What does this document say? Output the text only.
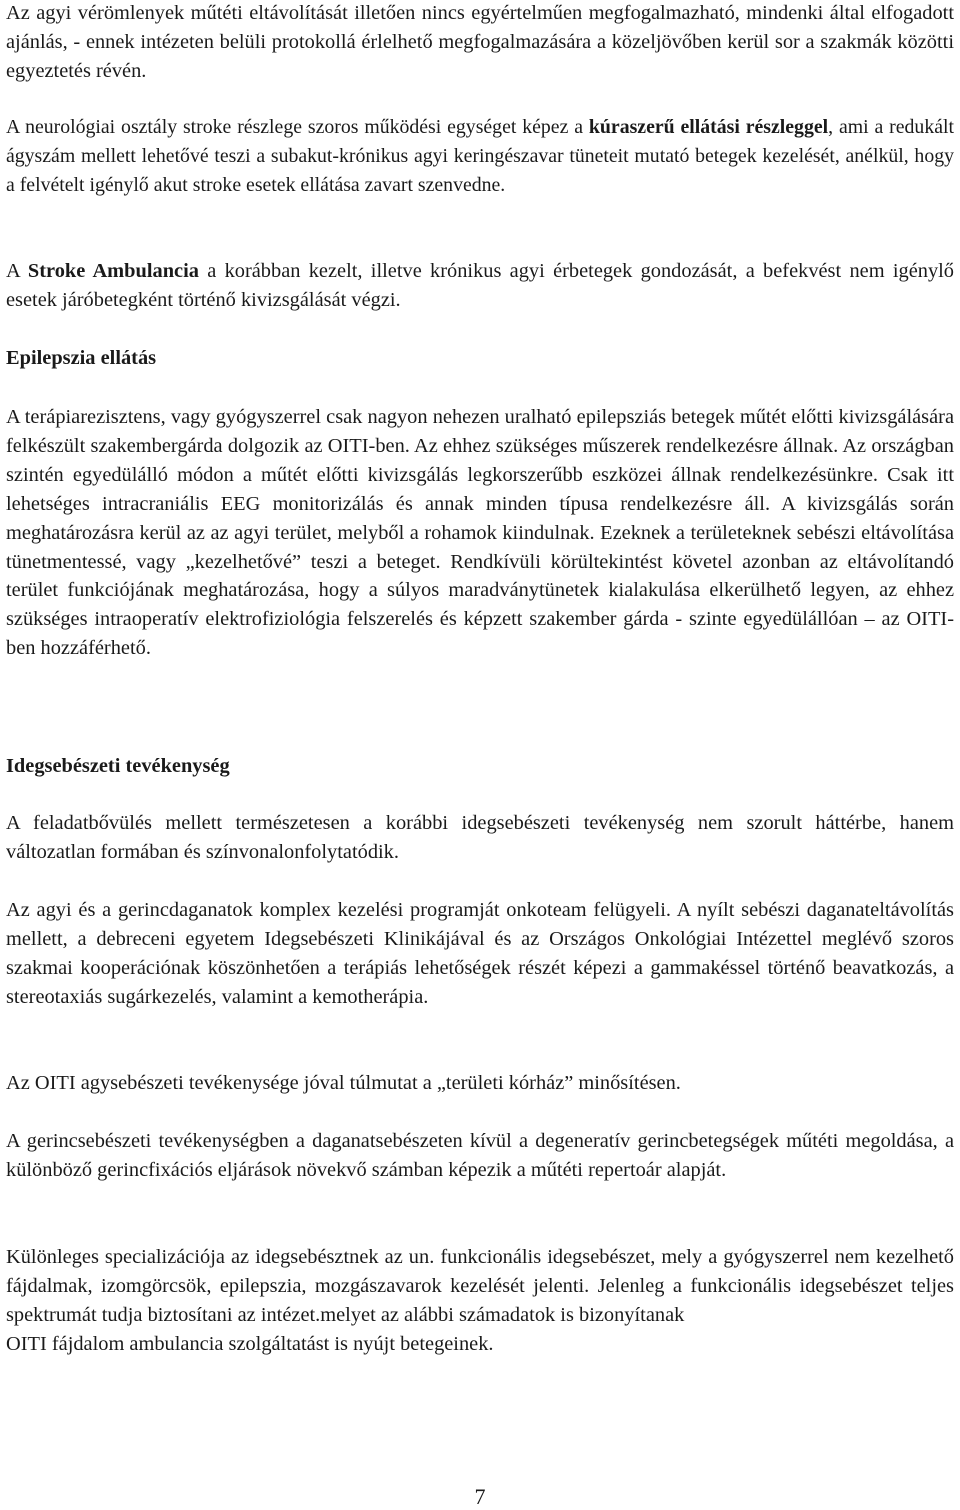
Az agyi vérömlenyek műtéti eltávolítását illetően nincs egyértelműen megfogalmazható, mindenki által elfogadott ajánlás, - ennek intézeten belüli protokollá érlelhető megfogalmazására a közeljövőben kerül sor a szakmák közötti egyeztetés révén.

A neurológiai osztály stroke részlege szoros működési egységet képez a kúraszerű ellátási részleggel, ami a redukált ágyszám mellett lehetővé teszi a subakut-krónikus agyi keringészavar tüneteit mutató betegek kezelését, anélkül, hogy a felvételt igénylő akut stroke esetek ellátása zavart szenvedne.

A Stroke Ambulancia a korábban kezelt, illetve krónikus agyi érbetegek gondozását, a befekvést nem igénylő esetek járóbetegként történő kivizsgálását végzi.

Epilepszia ellátás

A terápiarezisztens, vagy gyógyszerrel csak nagyon nehezen uralható epilepsziás betegek műtét előtti kivizsgálására felkészült szakembergárda dolgozik az OITI-ben. Az ehhez szükséges műszerek rendelkezésre állnak. Az országban szintén egyedülálló módon a műtét előtti kivizsgálás legkorszerűbb eszközei állnak rendelkezésünkre. Csak itt lehetséges intracraniális EEG monitorizálás és annak minden típusa rendelkezésre áll. A kivizsgálás során meghatározásra kerül az az agyi terület, melyből a rohamok kiindulnak. Ezeknek a területeknek sebészi eltávolítása tünetmentessé, vagy „kezelhetővé” teszi a beteget. Rendkívüli körültekintést követel azonban az eltávolítandó terület funkciójának meghatározása, hogy a súlyos maradványtünetek kialakulása elkerülhető legyen, az ehhez szükséges intraoperatív elektrofiziológia felszerelés és képzett szakember gárda - szinte egyedülállóan – az OITI-ben hozzáférhető.

Idegsebészeti tevékenység

A feladatbővülés mellett természetesen a korábbi idegsebészeti tevékenység nem szorult háttérbe, hanem változatlan formában és színvonalonfolytatódik.

Az agyi és a gerincdaganatok komplex kezelési programját onkoteam felügyeli. A nyílt sebészi daganateltávolítás mellett, a debreceni egyetem Idegsebészeti Klinikájával és az Országos Onkológiai Intézettel meglévő szoros szakmai kooperációnak köszönhetően a terápiás lehetőségek részét képezi a gammakéssel történő beavatkozás, a stereotaxiás sugárkezelés, valamint a kemotherápia.

Az OITI agysebészeti tevékenysége jóval túlmutat a „területi kórház” minősítésen.

A gerincsebészeti tevékenységben a daganatsebészeten kívül a degeneratív gerincbetegségek műtéti megoldása, a különböző gerincfixációs eljárások növekvő számban képezik a műtéti repertoár alapját.

Különleges specializációja az idegsebésztnek az un. funkcionális idegsebészet, mely a gyógyszerrel nem kezelhető fájdalmak, izomgörcsök, epilepszia, mozgászavarok kezelését jelenti. Jelenleg a funkcionális idegsebészet teljes spektrumát tudja biztosítani az intézet.melyet az alábbi számadatok is bizonyítanak
OITI fájdalom ambulancia szolgáltatást is nyújt betegeinek.
7
